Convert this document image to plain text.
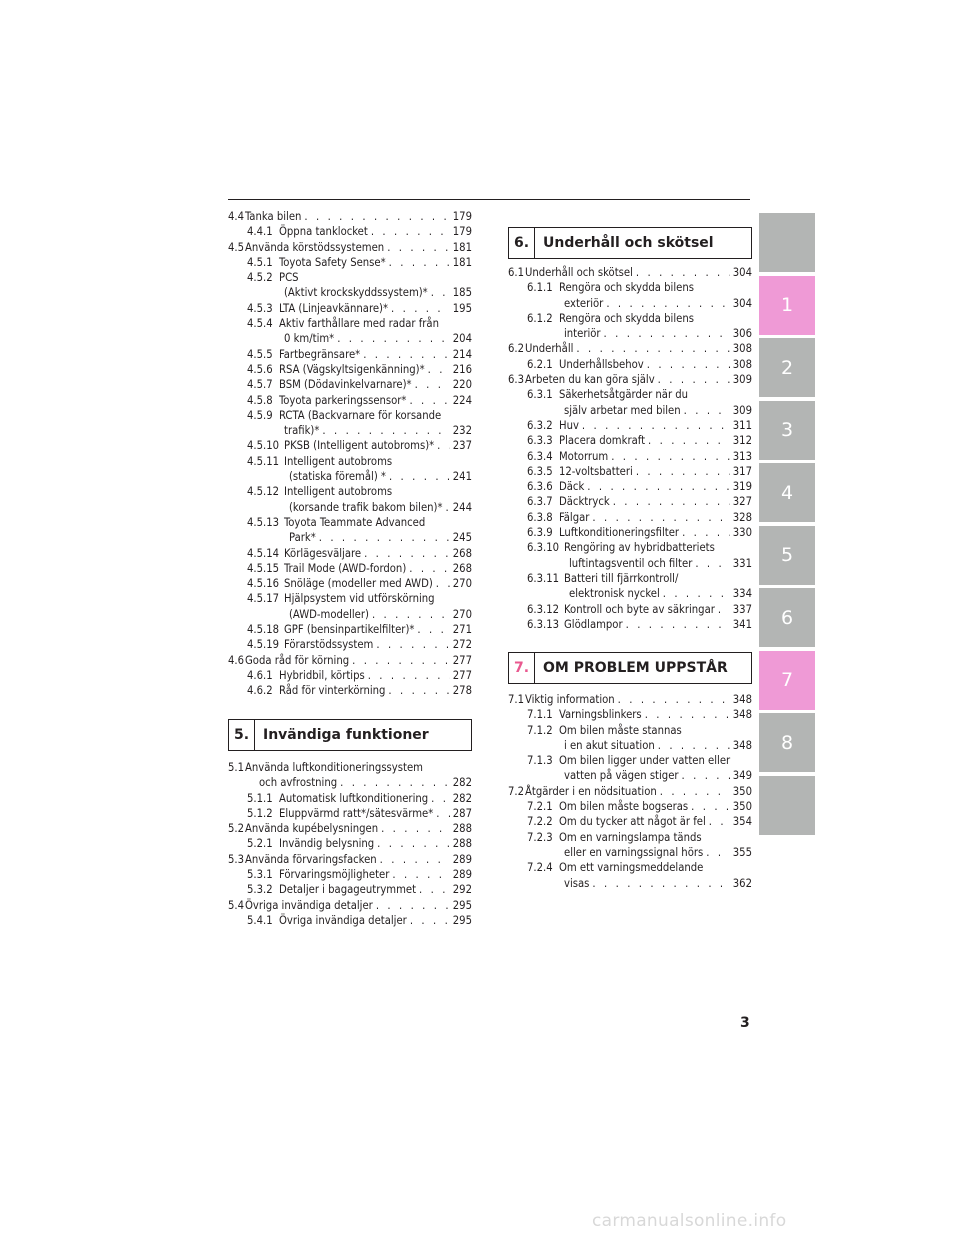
4.4 Tanka bilen . . .	179
4.4.1 Öppna tanklocket . . .	179
4.5 Använda körstödssystemen . . .	181
4.5.1 Toyota Safety Sense* . . .	181
4.5.2 PCS
(Aktivt krockskyddssystem)* . . . 185
4.5.3 LTA (Linjeavkännare)* . . .	195
4.5.4 Aktiv farthållare med radar från
0 km/tim* . . .	204
4.5.5 Fartbegränsare* . . .	214
4.5.6 RSA (Vägskyltsigenkänning)* . . .	216
4.5.7 BSM (Dödavinkelvarnare)* . . .	220
4.5.8 Toyota parkeringssensor* . . .	224
4.5.9 RCTA (Backvarnare för korsande
trafik)* . . .	232
4.5.10 PKSB (Intelligent autobroms)* . . . 237
4.5.11 Intelligent autobroms
(statiska föremål) * . . .	241
4.5.12 Intelligent autobroms
(korsande trafik bakom bilen)* . . . 244
4.5.13 Toyota Teammate Advanced
Park* . . .	245
4.5.14 Körlägesväljare . . .	268
4.5.15 Trail Mode (AWD-fordon) . . .	268
4.5.16 Snöläge (modeller med AWD) . . . 270
4.5.17 Hjälpsystem vid utförskörning
(AWD-modeller) . . .	270
4.5.18 GPF (bensinpartikelfilter)* . . .	271
4.5.19 Förarstödssystem . . .	272
4.6 Goda råd för körning . . .	277
4.6.1 Hybridbil, körtips . . .	277
4.6.2 Råd för vinterkörning . . .	278
5. Invändiga funktioner
5.1 Använda luftkonditioneringssystem
och avfrostning . . .	282
5.1.1 Automatisk luftkonditionering . . . 282
5.1.2 Eluppvärmd ratt*/sätesvärme* . . . 287
5.2 Använda kupébelysningen . . .	288
5.2.1 Invändig belysning . . .	288
5.3 Använda förvaringsfacken . . .	289
5.3.1 Förvaringsmöjligheter . . .	289
5.3.2 Detaljer i bagageutrymmet . . .	292
5.4 Övriga invändiga detaljer . . .	295
5.4.1 Övriga invändiga detaljer . . .	295
6. Underhåll och skötsel
6.1 Underhåll och skötsel . . .	304
6.1.1 Rengöra och skydda bilens
exteriör . . .	304
6.1.2 Rengöra och skydda bilens
interiör . . .	306
6.2 Underhåll . . .	308
6.2.1 Underhållsbehov . . .	308
6.3 Arbeten du kan göra själv . . .	309
6.3.1 Säkerhetsåtgärder när du
själv arbetar med bilen . . .	309
6.3.2 Huv . . .	311
6.3.3 Placera domkraft . . .	312
6.3.4 Motorrum . . .	313
6.3.5 12-voltsbatteri . . .	317
6.3.6 Däck . . .	319
6.3.7 Däcktryck . . .	327
6.3.8 Fälgar . . .	328
6.3.9 Luftkonditioneringsfilter . . .	330
6.3.10 Rengöring av hybridbatteriets
luftintagsventil och filter . . .	331
6.3.11 Batteri till fjärrkontroll/
elektronisk nyckel . . .	334
6.3.12 Kontroll och byte av säkringar . . . 337
6.3.13 Glödlampor . . .	341
7. OM PROBLEM UPPSTÅR
7.1 Viktig information . . .	348
7.1.1 Varningsblinkers . . .	348
7.1.2 Om bilen måste stannas
i en akut situation . . .	348
7.1.3 Om bilen ligger under vatten eller
vatten på vägen stiger . . .	349
7.2 Åtgärder i en nödsituation . . .	350
7.2.1 Om bilen måste bogseras . . .	350
7.2.2 Om du tycker att något är fel . . . 354
7.2.3 Om en varningslampa tänds
eller en varningssignal hörs . . .	355
7.2.4 Om ett varningsmeddelande
visas . . .	362
1
2
3
4
5
6
7
8
3
carmanualsonline.info
